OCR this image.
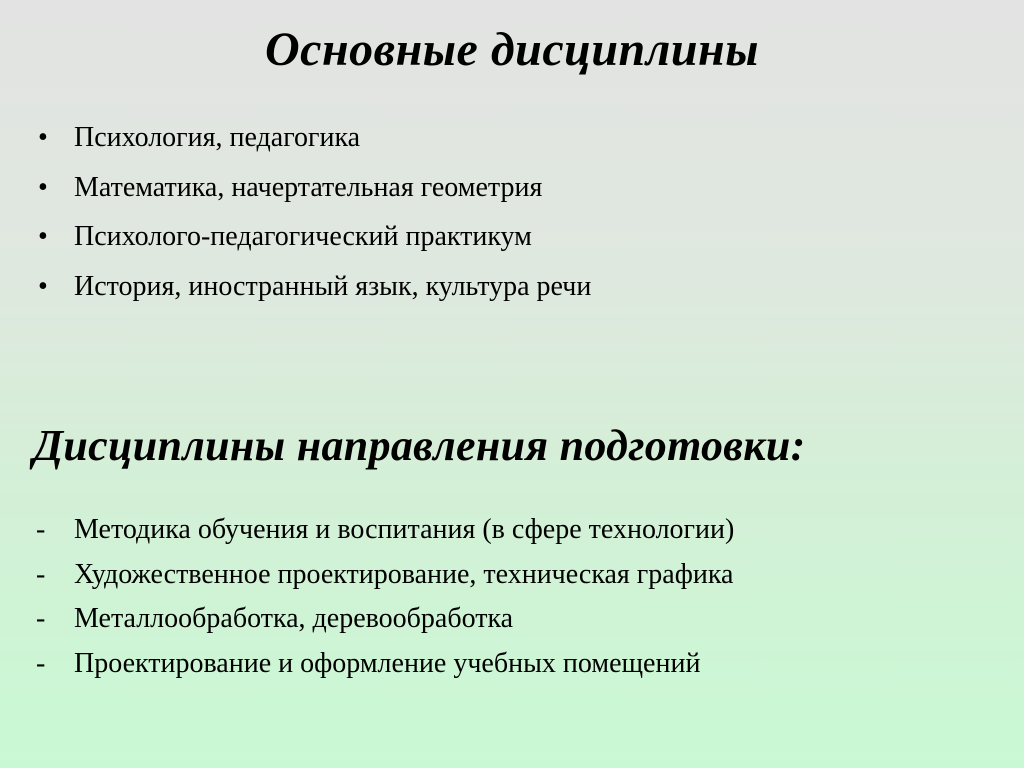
Основные дисциплины
• Психология, педагогика
• Математика, начертательная геометрия
• Психолого-педагогический практикум
• История, иностранный язык, культура речи
Дисциплины направления подготовки:
-	Методика обучения и воспитания (в сфере технологии)
-	Художественное проектирование, техническая графика
-	Металлообработка, деревообработка
-	Проектирование и оформление учебных помещений
